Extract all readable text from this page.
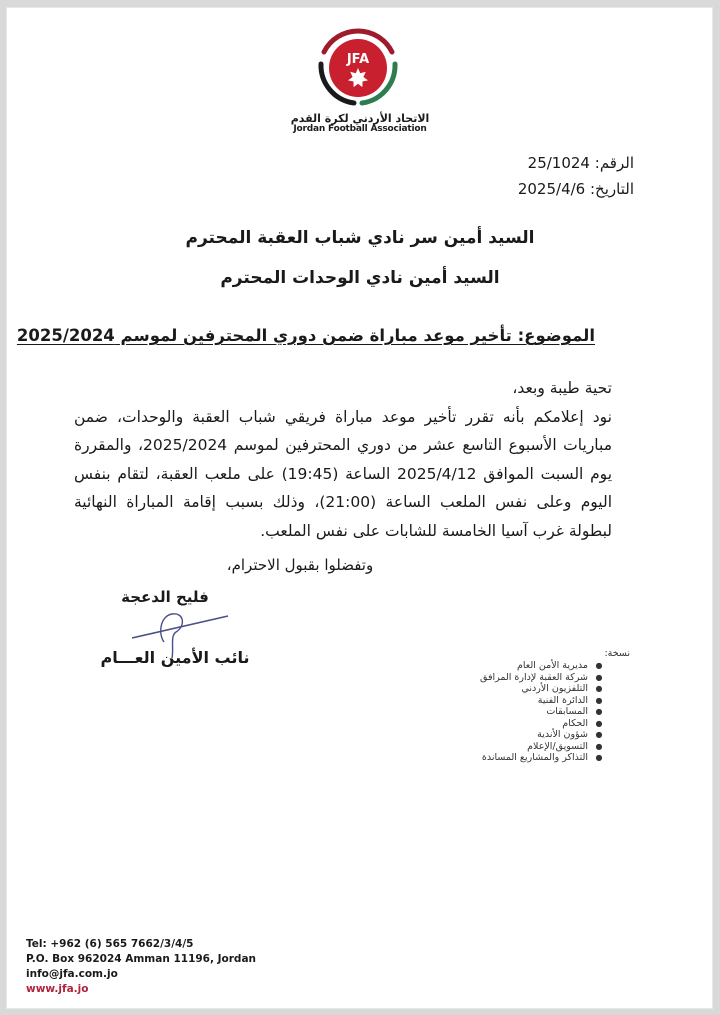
JFA
الاتحاد الأردني لكرة القدم
Jordan Football Association
الرقم: 25/1024
التاريخ: 2025/4/6
السيد أمين سر نادي شباب العقبة المحترم
السيد أمين نادي الوحدات المحترم
الموضوع: تأخير موعد مباراة ضمن دوري المحترفين لموسم 2025/2024

تحية طيبة وبعد،

نود إعلامكم بأنه تقرر تأخير موعد مباراة فريقي شباب العقبة والوحدات، ضمن مباريات الأسبوع التاسع عشر من دوري المحترفين لموسم 2025/2024، والمقررة يوم السبت الموافق 2025/4/12 الساعة (19:45) على ملعب العقبة، لتقام بنفس اليوم وعلى نفس الملعب الساعة (21:00)، وذلك بسبب إقامة المباراة النهائية لبطولة غرب آسيا الخامسة للشابات على نفس الملعب.

وتفضلوا بقبول الاحترام،
فليح الدعجة
نائب الأمين العـــام	نسخة:
مديرية الأمن العام ●
شركة العقبة لإدارة المرافق ●
التلفزيون الأردني ●
الدائرة الفنية ●
المسابقات ●
الحكام ●
شؤون الأندية ●
التسويق/الإعلام ●
التذاكر والمشاريع المساندة ●
Tel: +962 (6) 565 7662/3/4/5
P.O. Box 962024 Amman 11196, Jordan
info@jfa.com.jo
www.jfa.jo
